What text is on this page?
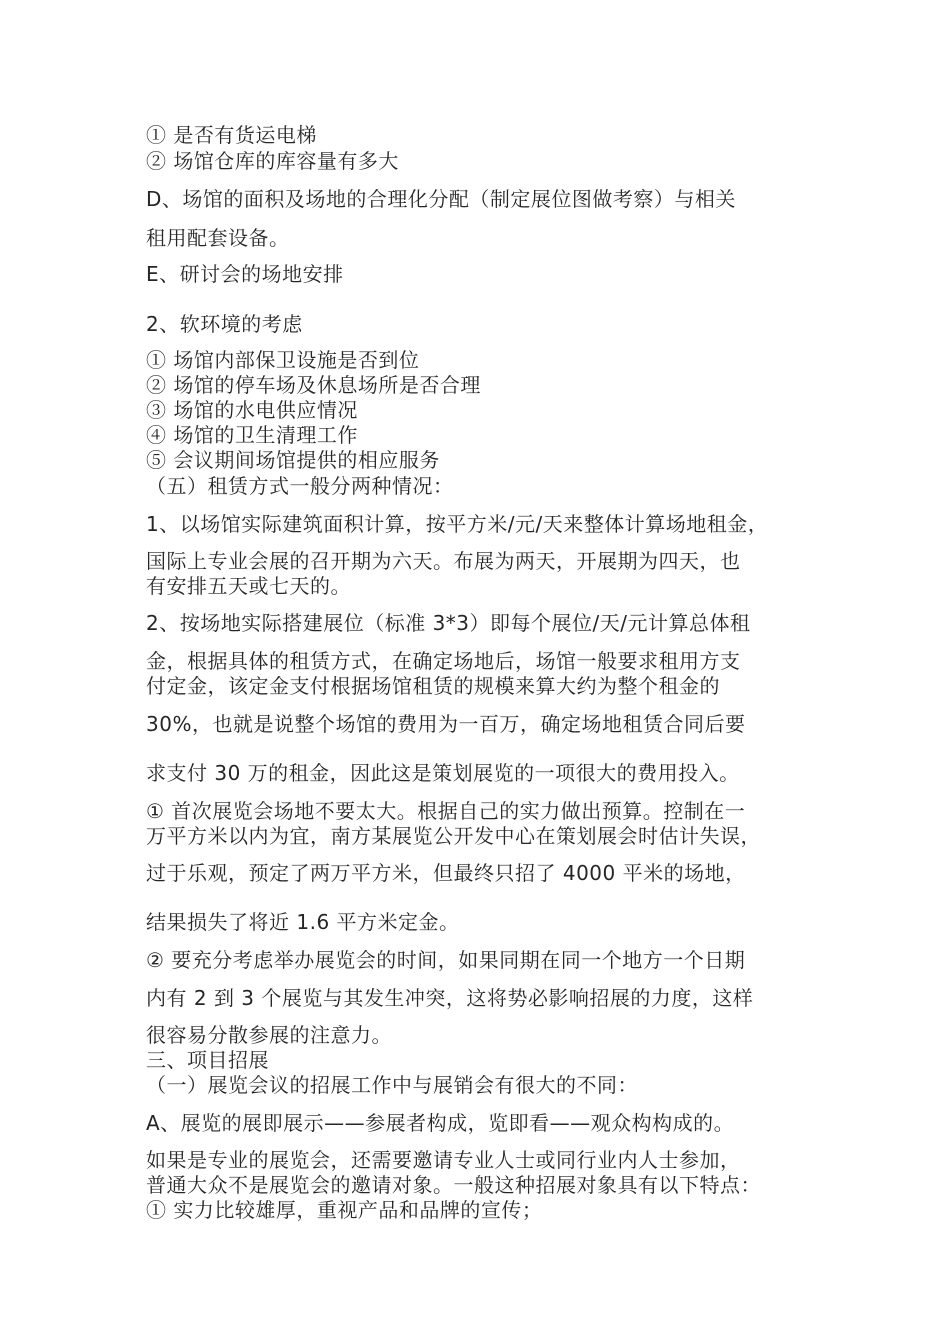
① 是否有货运电梯
② 场馆仓库的库容量有多大
D、场馆的面积及场地的合理化分配（制定展位图做考察）与相关
租用配套设备。
E、研讨会的场地安排
2、软环境的考虑
① 场馆内部保卫设施是否到位
② 场馆的停车场及休息场所是否合理
③ 场馆的水电供应情况
④ 场馆的卫生清理工作
⑤ 会议期间场馆提供的相应服务
（五）租赁方式一般分两种情况：
1、以场馆实际建筑面积计算，按平方米/元/天来整体计算场地租金，
国际上专业会展的召开期为六天。布展为两天，开展期为四天，也
有安排五天或七天的。
2、按场地实际搭建展位（标准 3*3）即每个展位/天/元计算总体租
金，根据具体的租赁方式，在确定场地后，场馆一般要求租用方支
付定金，该定金支付根据场馆租赁的规模来算大约为整个租金的
30%，也就是说整个场馆的费用为一百万，确定场地租赁合同后要
求支付 30 万的租金，因此这是策划展览的一项很大的费用投入。
① 首次展览会场地不要太大。根据自己的实力做出预算。控制在一
万平方米以内为宜，南方某展览公开发中心在策划展会时估计失误，
过于乐观，预定了两万平方米，但最终只招了 4000 平米的场地，
结果损失了将近 1.6 平方米定金。
② 要充分考虑举办展览会的时间，如果同期在同一个地方一个日期
内有 2 到 3 个展览与其发生冲突，这将势必影响招展的力度，这样
很容易分散参展的注意力。
三、项目招展
（一）展览会议的招展工作中与展销会有很大的不同：
A、展览的展即展示——参展者构成，览即看——观众构构成的。
如果是专业的展览会，还需要邀请专业人士或同行业内人士参加，
普通大众不是展览会的邀请对象。一般这种招展对象具有以下特点：
① 实力比较雄厚，重视产品和品牌的宣传；
